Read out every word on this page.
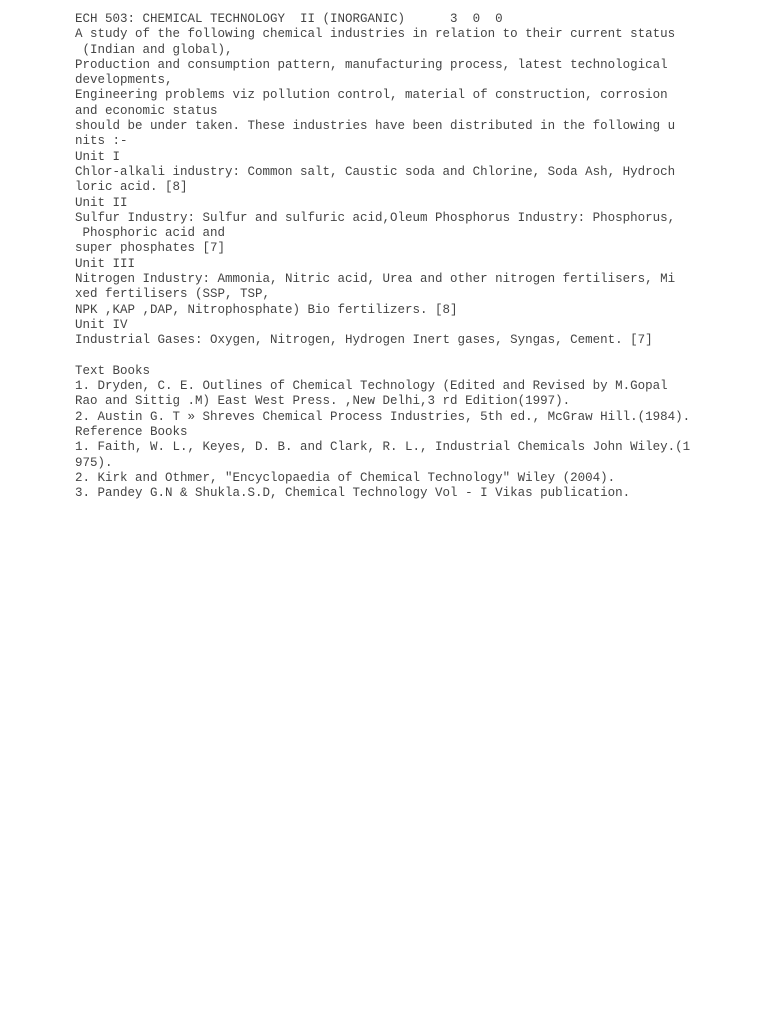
ECH 503: CHEMICAL TECHNOLOGY  II (INORGANIC)      3  0  0
A study of the following chemical industries in relation to their current status
(Indian and global),
Production and consumption pattern, manufacturing process, latest technological
developments,
Engineering problems viz pollution control, material of construction, corrosion
and economic status
should be under taken. These industries have been distributed in the following u
nits :-
Unit I
Chlor-alkali industry: Common salt, Caustic soda and Chlorine, Soda Ash, Hydroch
loric acid. [8]
Unit II
Sulfur Industry: Sulfur and sulfuric acid,Oleum Phosphorus Industry: Phosphorus,
Phosphoric acid and
super phosphates [7]
Unit III
Nitrogen Industry: Ammonia, Nitric acid, Urea and other nitrogen fertilisers, Mi
xed fertilisers (SSP, TSP,
NPK ,KAP ,DAP, Nitrophosphate) Bio fertilizers. [8]
Unit IV
Industrial Gases: Oxygen, Nitrogen, Hydrogen Inert gases, Syngas, Cement. [7]
Text Books
1. Dryden, C. E. Outlines of Chemical Technology (Edited and Revised by M.Gopal
Rao and Sittig .M) East West Press. ,New Delhi,3 rd Edition(1997).
2. Austin G. T » Shreves Chemical Process Industries, 5th ed., McGraw Hill.(1984).
Reference Books
1. Faith, W. L., Keyes, D. B. and Clark, R. L., Industrial Chemicals John Wiley.(1
975).
2. Kirk and Othmer, "Encyclopaedia of Chemical Technology" Wiley (2004).
3. Pandey G.N & Shukla.S.D, Chemical Technology Vol - I Vikas publication.
